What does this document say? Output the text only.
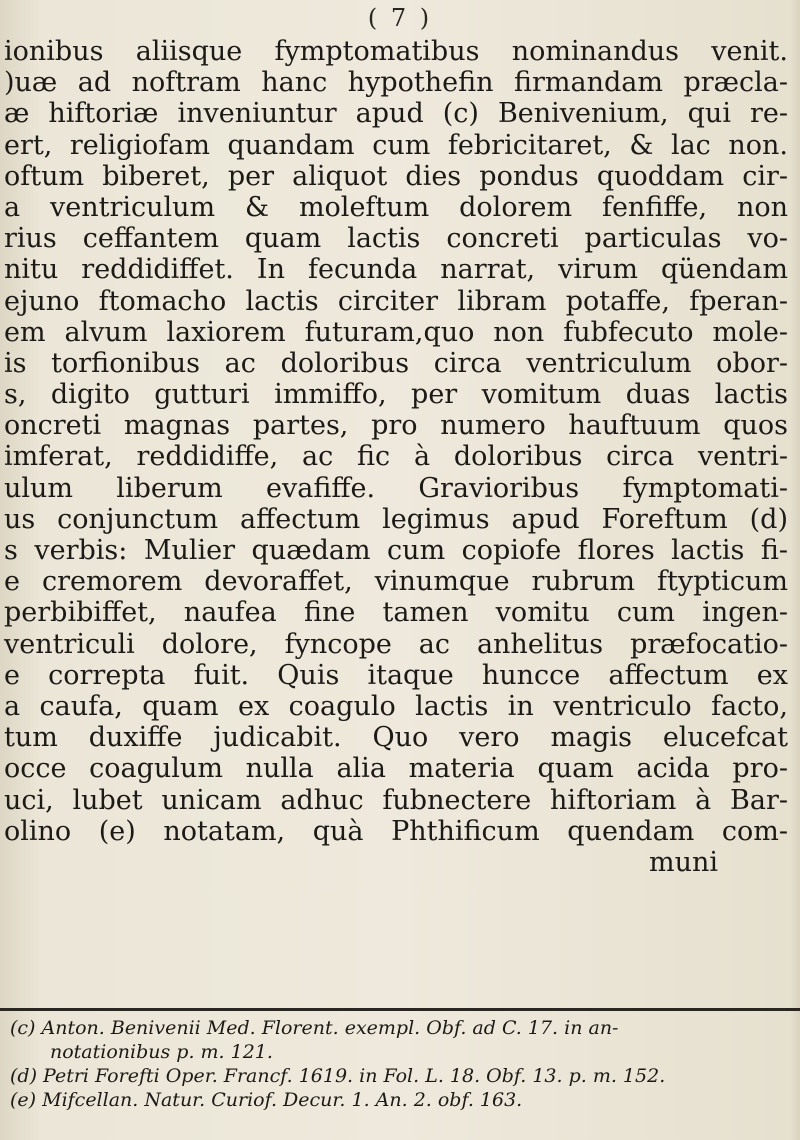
( 7 )
ionibus aliisque fymptomatibus nominandus venit.
)uæ ad noftram hanc hypothefin firmandam præcla-
æ hiftoriæ inveniuntur apud (c) Benivenium, qui re-
ert, religiofam quandam cum febricitaret, & lac non.
oftum biberet, per aliquot dies pondus quoddam cir-
a ventriculum & moleftum dolorem fenfiffe, non
rius ceffantem quam lactis concreti particulas vo-
nitu reddidiffet. In fecunda narrat, virum qüendam
ejuno ftomacho lactis circiter libram potaffe, fperan-
em alvum laxiorem futuram,quo non fubfecuto mole-
is torfionibus ac doloribus circa ventriculum obor-
s, digito gutturi immiffo, per vomitum duas lactis
oncreti magnas partes, pro numero hauftuum quos
imferat, reddidiffe, ac fic à doloribus circa ventri-
ulum liberum evafiffe. Gravioribus fymptomati-
us conjunctum affectum legimus apud Foreftum (d)
s verbis: Mulier quædam cum copiofe flores lactis fi-
e cremorem devoraffet, vinumque rubrum ftypticum
perbibiffet, naufea fine tamen vomitu cum ingen-
ventriculi dolore, fyncope ac anhelitus præfocatio-
e correpta fuit. Quis itaque huncce affectum ex
a caufa, quam ex coagulo lactis in ventriculo facto,
tum duxiffe judicabit. Quo vero magis elucefcat
occe coagulum nulla alia materia quam acida pro-
uci, lubet unicam adhuc fubnectere hiftoriam à Bar-
olino (e) notatam, quà Phthificum quendam com-
muni
(c) Anton. Benivenii Med. Florent. exempl. Obf. ad C. 17. in an-
notationibus p. m. 121.
(d) Petri Forefti Oper. Francf. 1619. in Fol. L. 18. Obf. 13. p. m. 152.
(e) Mifcellan. Natur. Curiof. Decur. 1. An. 2. obf. 163.
